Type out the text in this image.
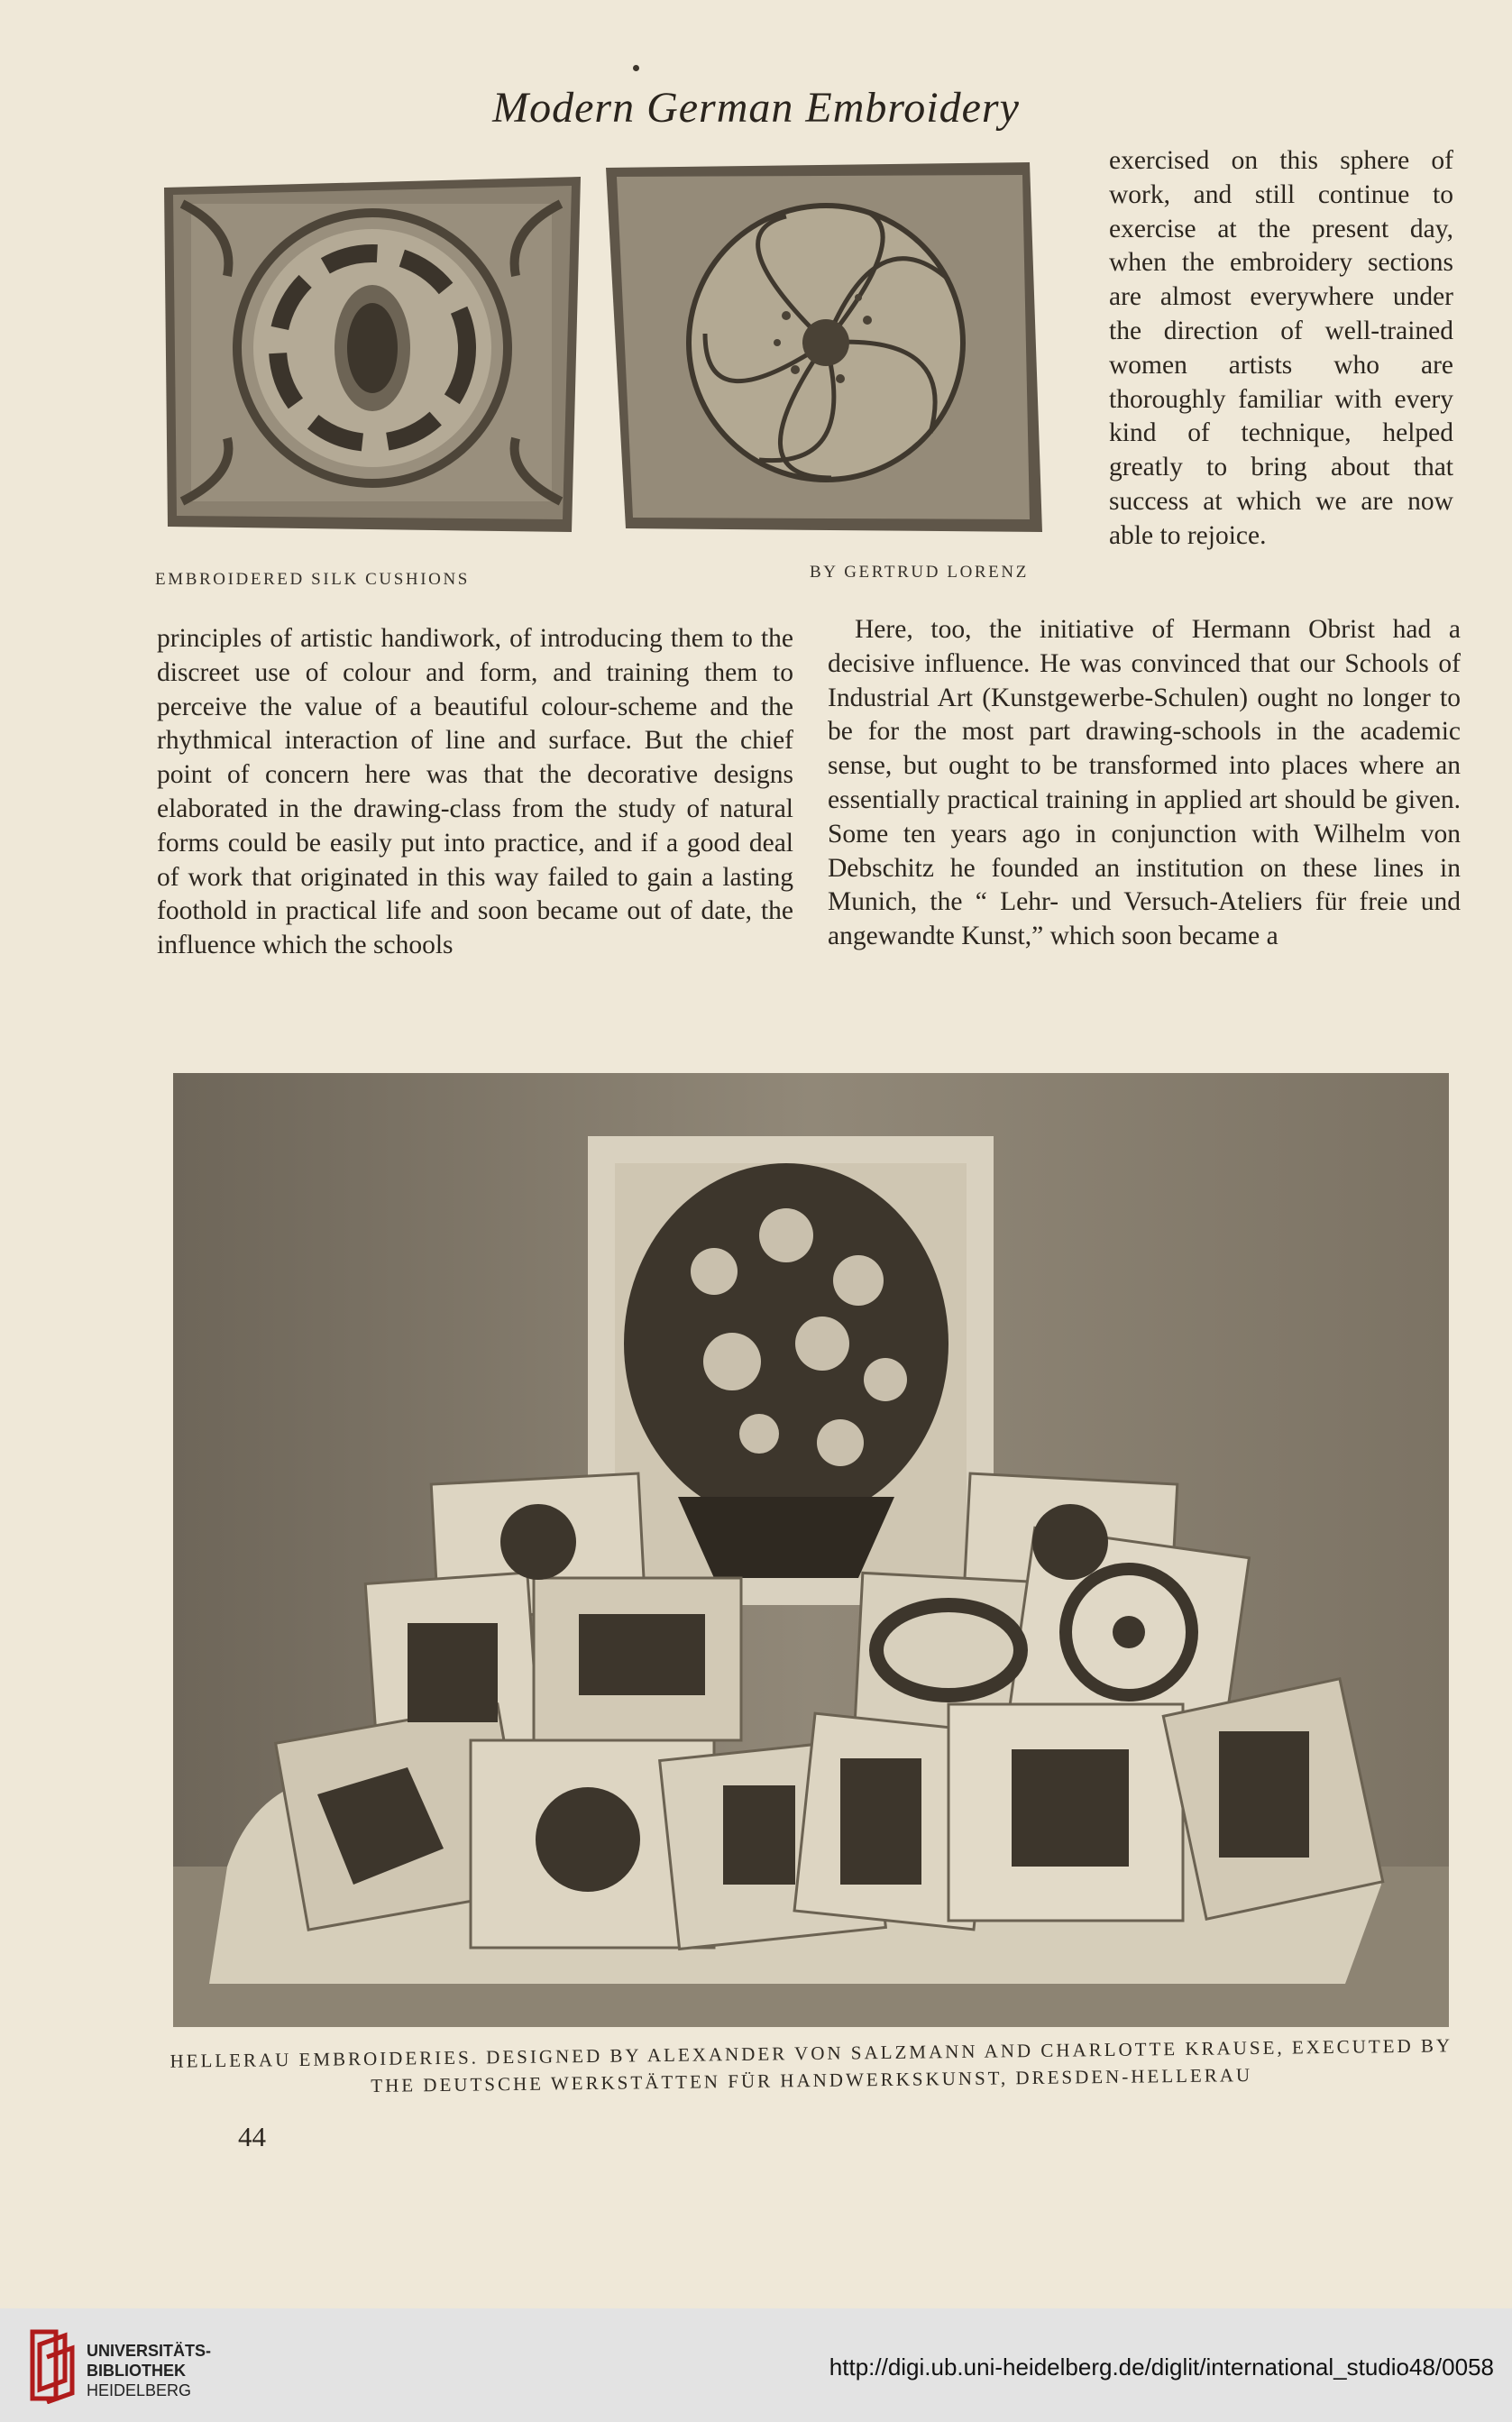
Modern German Embroidery
EMBROIDERED SILK CUSHIONS	BY GERTRUD LORENZ

exercised on this sphere of work, and still continue to exercise at the present day, when the embroidery sections are almost everywhere under the direction of well-trained women artists who are thoroughly familiar with every kind of technique, helped greatly to bring about that success at which we are now able to rejoice.

principles of artistic handiwork, of introducing them to the discreet use of colour and form, and training them to perceive the value of a beautiful colour-scheme and the rhythmical interaction of line and surface. But the chief point of concern here was that the decorative designs elaborated in the drawing-class from the study of natural forms could be easily put into practice, and if a good deal of work that originated in this way failed to gain a lasting foothold in practical life and soon became out of date, the influence which the schools

Here, too, the initiative of Hermann Obrist had a decisive influence. He was convinced that our Schools of Industrial Art (Kunstgewerbe-Schulen) ought no longer to be for the most part drawing-schools in the academic sense, but ought to be transformed into places where an essentially practical training in applied art should be given. Some ten years ago in conjunction with Wilhelm von Debschitz he founded an institution on these lines in Munich, the “ Lehr- und Versuch-Ateliers für freie und angewandte Kunst,” which soon became a

HELLERAU EMBROIDERIES. DESIGNED BY ALEXANDER VON SALZMANN AND CHARLOTTE KRAUSE, EXECUTED BY
THE DEUTSCHE WERKSTÄTTEN FÜR HANDWERKSKUNST, DRESDEN-HELLERAU
44
UNIVERSITÄTS-
BIBLIOTHEK
HEIDELBERG
http://digi.ub.uni-heidelberg.de/diglit/international_studio48/0058
